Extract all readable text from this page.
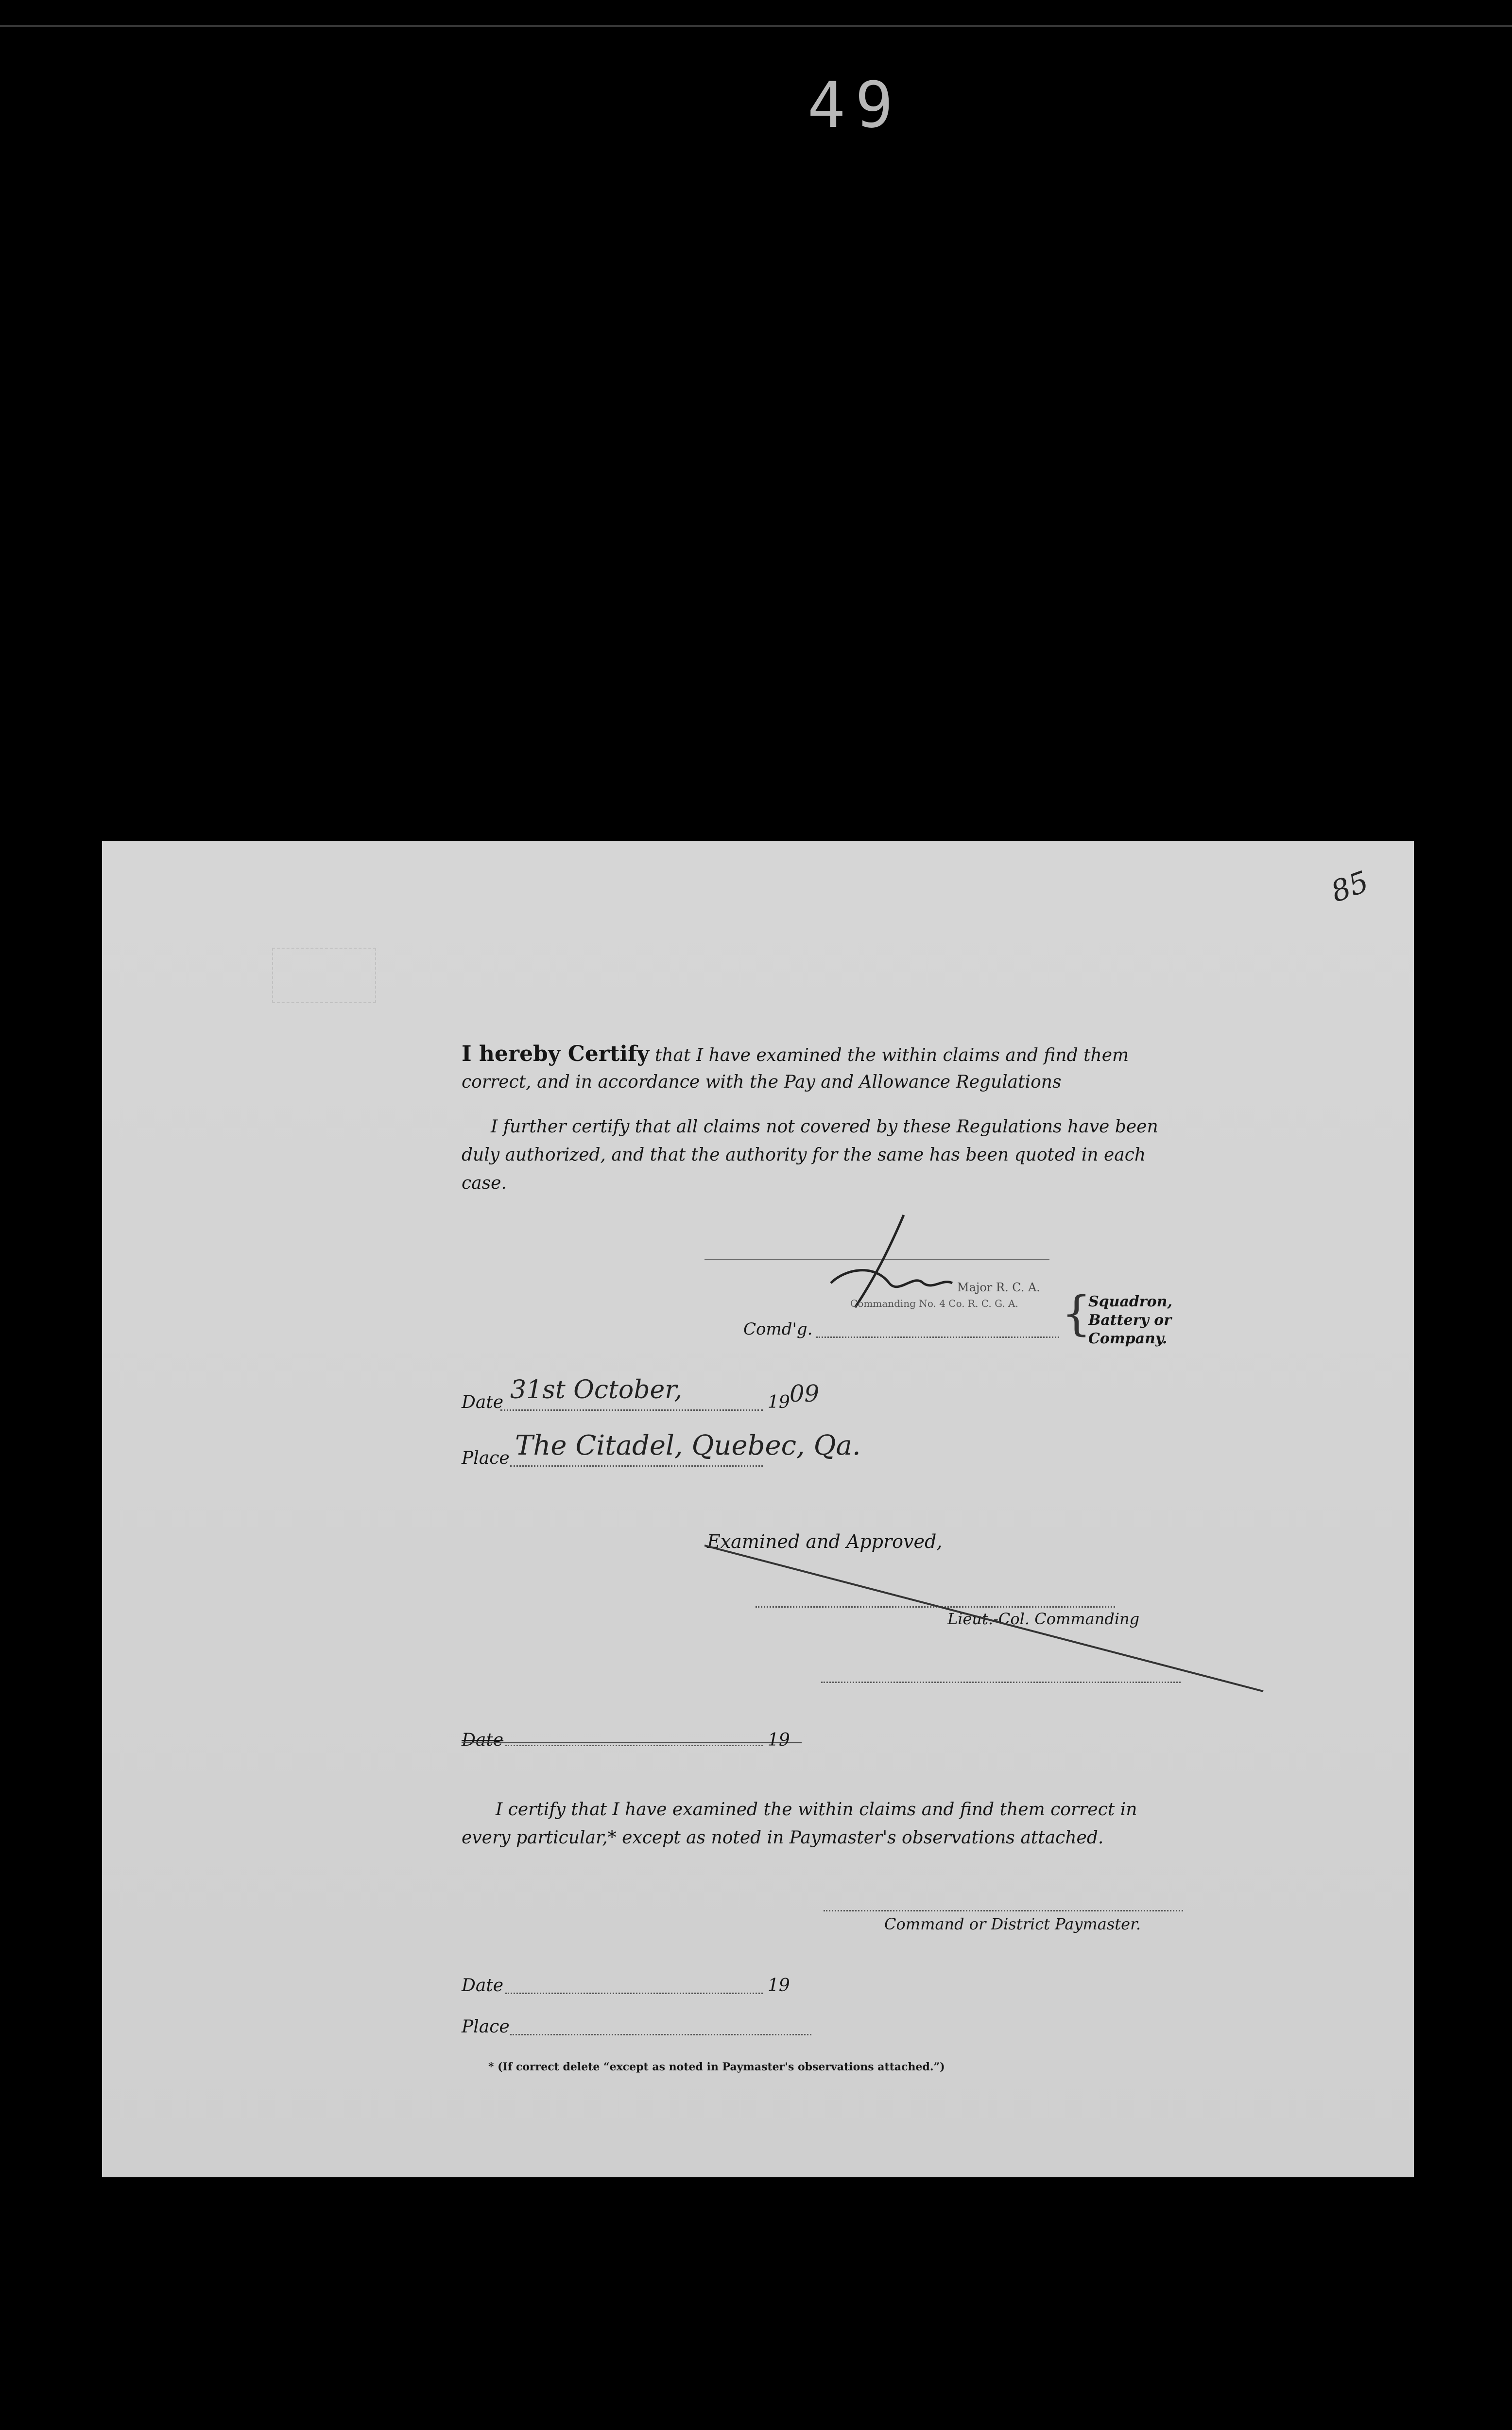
49
85
I hereby Certify that I have examined the within claims and find them
correct, and in accordance with the Pay and Allowance Regulations
I further certify that all claims not covered by these Regulations have been
duly authorized, and that the authority for the same has been quoted in each
case.
Major R. C. A.
Commanding No. 4 Co. R. C. G. A.
Comd'g.	{
Squadron,
Battery or
Company.
Date 31st October,	19 09
Place The Citadel, Quebec, Qa.
Examined and Approved,
Lieut.-Col. Commanding
Date	19
I certify that I have examined the within claims and find them correct in
every particular,* except as noted in Paymaster's observations attached.
Command or District Paymaster.
Date	19
Place
* (If correct delete “except as noted in Paymaster's observations attached.”)
